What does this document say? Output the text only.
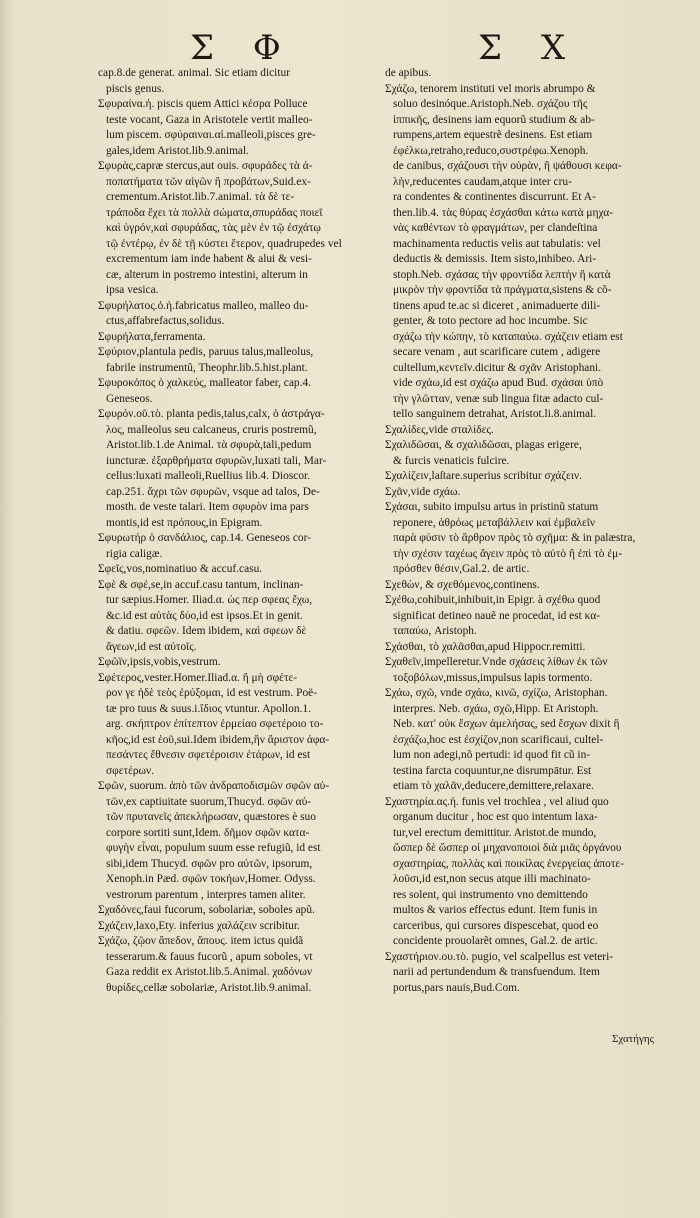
Σ Φ	Σ Χ
cap.8.de generat. animal. Sic etiam dicitur
piscis genus.
Σφυραίνα.ἡ. piscis quem Attici κέσρα Polluce
teste vocant, Gaza in Aristotele vertit malleo-
lum piscem. σφύραιναι.αἱ.malleoli,pisces gre-
gales,idem Aristot.lib.9.animal.
Σφυρὰς,capræ stercus,aut ouis. σφυράδες τὰ ἀ-
ποπατήματα τῶν αἰγῶν ἢ προβάτων,Suid.ex-
crementum.Aristot.lib.7.animal. τὰ δὲ τε-
τράποδα ἔχει τὰ πολλὰ σώματα,σπυράδας ποιεῖ
καὶ ὑγρόν,καὶ σφυράδας, τὰς μὲν ἐν τῷ ἐσχάτῳ
τῷ ἐντέρῳ, ἐν δὲ τῇ κύστει ἕτερον, quadrupedes vel
excrementum iam inde habent & alui & vesi-
cæ, alterum in postremo intestini, alterum in
ipsa vesica.
Σφυρήλατος.ὁ.ἡ.fabricatus malleo, malleo du-
ctus,affabrefactus,solidus.
Σφυρήλατα,ferramenta.
Σφύριον,plantula pedis, paruus talus,malleolus,
fabrile instrumentũ, Theophr.lib.5.hist.plant.
Σφυροκόπος ὁ χαλκεύς, malleator faber, cap.4.
Geneseos.
Σφυρόν.οῦ.τὸ. planta pedis,talus,calx, ὁ ἀστράγα-
λος, malleolus seu calcaneus, cruris postremũ,
Aristot.lib.1.de Animal. τὰ σφυρὰ,tali,pedum
iuncturæ. ἐξαρθρήματα σφυρῶν,luxati tali, Mar-
cellus:luxati malleoli,Ruellius lib.4. Dioscor.
cap.251. ἄχρι τῶν σφυρῶν, vsque ad talos, De-
mosth. de veste talari. Item σφυρὸν ima pars
montis,id est πρόπους,in Epigram.
Σφυρωτήρ ὁ σανδάλιος, cap.14. Geneseos cor-
rigia caligæ.
Σφεῖς,vos,nominatiuo & accuf.casu.
Σφὲ & σφέ,se,in accuf.casu tantum, inclinan-
tur sæpius.Homer. Iliad.α. ὡς περ σφεας ἔχω,
&c.id est αὐτὰς δύο,id est ipsos.Et in genit.
& datiu. σφεῶν. Idem ibidem, καὶ σφεων δὲ
ἄγεων,id est αὐτοῖς.
Σφῶϊν,ipsis,vobis,vestrum.
Σφέτερος,vester.Homer.Iliad.α. ἢ μὴ σφέτε-
ρον γε ἠδὲ τεὸς ἐρύξομαι, id est vestrum. Poë-
tæ pro tuus & suus.i.ἴδιος vtuntur. Apollon.1.
arg. σκήπτρον ἐπίτεπτον ἑρμείαο σφετέροιο το-
κῆος,id est ἑοῦ,sui.Idem ibidem,ἣν ἄριστον ἀφα-
πεσάντες ἔθνεσιν σφετέροισιν ἐτάρων, id est
σφετέρων.
Σφῶν, suorum. ἀπὸ τῶν ἀνδραποδισμῶν σφῶν αὐ-
τῶν,ex captiuitate suorum,Thucyd. σφῶν αὐ-
τῶν πρυτανεῖς ἀπεκλήρωσαν, quæstores è suo
corpore sortiti sunt,Idem. δῆμον σφῶν κατα-
φυγὴν εἶναι, populum suum esse refugiũ, id est
sibi,idem Thucyd. σφῶν pro αὐτῶν, ipsorum,
Xenoph.in Pæd. σφῶν τοκήων,Homer. Odyss.
vestrorum parentum , interpres tamen aliter.
Σχαδόνες,faui fucorum, sobolariæ, soboles apũ.
Σχάζειν,laxo,Ety. inferius χαλάζειν scribitur.
Σχάζω, ζῷον ἄπεδον, ἄπους. item ictus quidã
tesserarum.& fauus fucorũ , apum soboles, vt
Gaza reddit ex Aristot.lib.5.Animal. χαδόνων
θυρίδες,cellæ sobolariæ, Aristot.lib.9.animal.
de apibus.
Σχάζω, tenorem instituti vel moris abrumpo &
soluo desinóque.Aristoph.Neb. σχάζου τῆς
ἱππικῆς, desinens iam equorũ studium & ab-
rumpens,artem equestrẽ desinens. Est etiam
ἐφέλκω,retraho,reduco,συστρέφω.Xenoph.
de canibus, σχάζουσι τὴν οὐρὰν, ἢ ψάθουσι κεφα-
λὴν,reducentes caudam,atque inter cru-
ra condentes & continentes discurrunt. Et A-
then.lib.4. τὰς θύρας ἐσχάσθαι κάτω κατὰ μηχα-
νὰς καθέντων τὸ φραγμάτων, per clandeſtina
machinamenta reductis velis aut tabulatis: vel
deductis & demissis. Item sisto,inhibeo. Ari-
stoph.Neb. σχάσας τὴν φροντίδα λεπτὴν ἢ κατὰ
μικρὸν τὴν φροντίδα τὰ πράγματα,sistens & cõ-
tinens apud te.ac si diceret , animaduerte dili-
genter, & toto pectore ad hoc incumbe. Sic
σχάζω τὴν κώπην, τὸ καταπαύω. σχάζειν etiam est
secare venam , aut scarificare cutem , adigere
cultellum,κεντεῖν.dicitur & σχᾶν Aristophani.
vide σχάω,id est σχάζω apud Bud. σχάσαι ὑπὸ
τὴν γλῶτταν, venæ sub lingua fitæ adacto cul-
tello sanguinem detrahat, Aristot.li.8.animal.
Σχαλίδες,vide σταλίδες.
Σχαλιδῶσαι, & σχαλιδῶσαι, plagas erigere,
& furcis venaticis fulcire.
Σχαλίζειν,laſtare.superius scribitur σχάζειν.
Σχᾶν,vide σχάω.
Σχάσαι, subito impulsu artus in pristinũ statum
reponere, ἀθρόως μεταβάλλειν καὶ ἐμβαλεῖν
παρὰ φύσιν τὸ ἄρθρον πρὸς τὸ σχῆμα: & in palæstra,
τὴν σχέσιν ταχέως ἄγειν πρὸς τὸ αὐτὸ ἢ ἐπὶ τὸ ἐμ-
πρόσθεν θέσιν,Gal.2. de artic.
Σχεθὼν, & σχεθόμενος,continens.
Σχέθω,cohibuit,inhibuit,in Epigr. à σχέθω quod
significat detineo nauẽ ne procedat, id est κα-
ταπαύω, Aristoph.
Σχάσθαι, τὸ χαλᾶσθαι,apud Hippocr.remitti.
Σχαθεῖν,impelleretur.Vnde σχάσεις λίθων ἐκ τῶν
τοξοβόλων,missus,impulsus lapis tormento.
Σχάω, σχῶ, vnde σχάω, κινῶ, σχίζω, Aristophan.
interpres. Neb. σχάω, σχῶ,Hipp. Et Aristoph.
Neb. κατ' οὐκ ἔσχων ἀμελήσας, sed ἔσχων dixit ἢ
ἐσχάζω,hoc est ἐσχίζον,non scarificaui, cultel-
lum non adegi,nõ pertudi: id quod fit cũ in-
testina farcta coquuntur,ne disrumpātur. Est
etiam τὸ χαλᾶν,deducere,demittere,relaxare.
Σχαστηρία.ας.ἡ. funis vel trochlea , vel aliud quo
organum ducitur , hoc est quo intentum laxa-
tur,vel erectum demittitur. Aristot.de mundo,
ὥσπερ δὲ ὥσπερ οἱ μηχανοποιοὶ διὰ μιᾶς ὀργάνου
σχαστηρίας, πολλὰς καὶ ποικίλας ἐνεργείας ἀποτε-
λοῦσι,id est,non secus atque illi machinato-
res solent, qui instrumento vno demittendo
multos & varios effectus edunt. Item funis in
carceribus, qui cursores dispescebat, quod eo
concidente prouolarẽt omnes, Gal.2. de artic.
Σχαστήριον.ου.τὸ. pugio, vel scalpellus est veteri-
narii ad pertundendum & transfuendum. Item
portus,pars nauis,Bud.Com.
Σχατήγης
